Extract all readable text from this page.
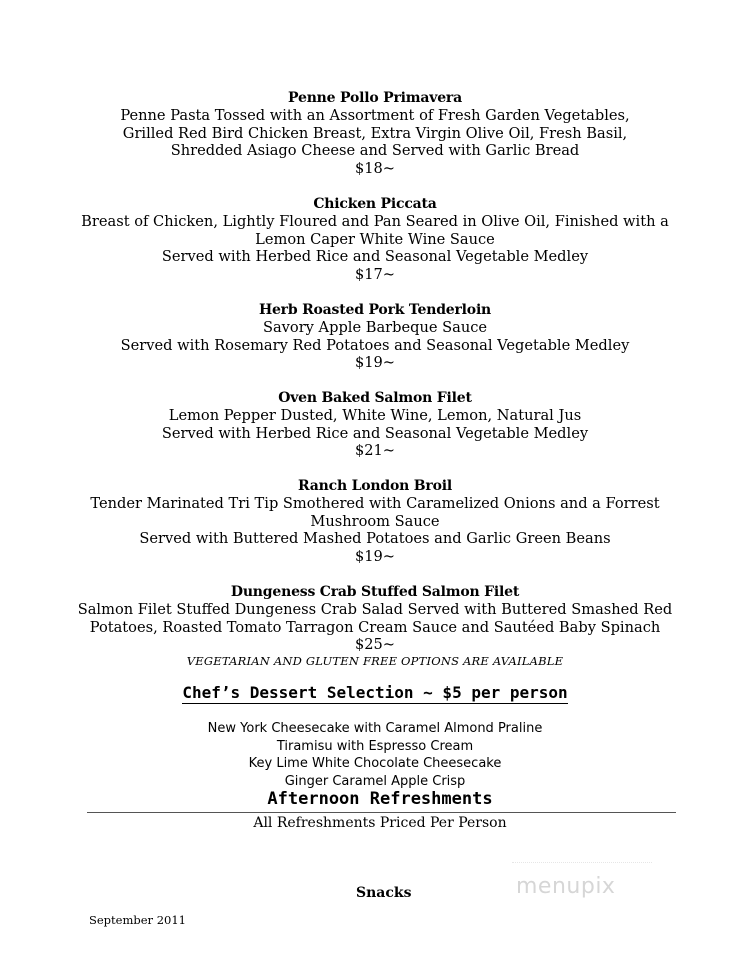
Penne Pollo Primavera
Penne Pasta Tossed with an Assortment of Fresh Garden Vegetables,
Grilled Red Bird Chicken Breast, Extra Virgin Olive Oil, Fresh Basil,
Shredded Asiago Cheese and Served with Garlic Bread
$18~
Chicken Piccata
Breast of Chicken, Lightly Floured and Pan Seared in Olive Oil, Finished with a
Lemon Caper White Wine Sauce
Served with Herbed Rice and Seasonal Vegetable Medley
$17~
Herb Roasted Pork Tenderloin
Savory Apple Barbeque Sauce
Served with Rosemary Red Potatoes and Seasonal Vegetable Medley
$19~
Oven Baked Salmon Filet
Lemon Pepper Dusted, White Wine, Lemon, Natural Jus
Served with Herbed Rice and Seasonal Vegetable Medley
$21~
Ranch London Broil
Tender Marinated Tri Tip Smothered with Caramelized Onions and a Forrest
Mushroom Sauce
Served with Buttered Mashed Potatoes and Garlic Green Beans
$19~
Dungeness Crab Stuffed Salmon Filet
Salmon Filet Stuffed Dungeness Crab Salad Served with Buttered Smashed Red
Potatoes, Roasted Tomato Tarragon Cream Sauce and Sautéed Baby Spinach
$25~
VEGETARIAN AND GLUTEN FREE OPTIONS ARE AVAILABLE
Chef’s Dessert Selection ~ $5 per person
New York Cheesecake with Caramel Almond Praline
Tiramisu with Espresso Cream
Key Lime White Chocolate Cheesecake
Ginger Caramel Apple Crisp
Afternoon Refreshments
All Refreshments Priced Per Person
menupix
Snacks
September 2011
